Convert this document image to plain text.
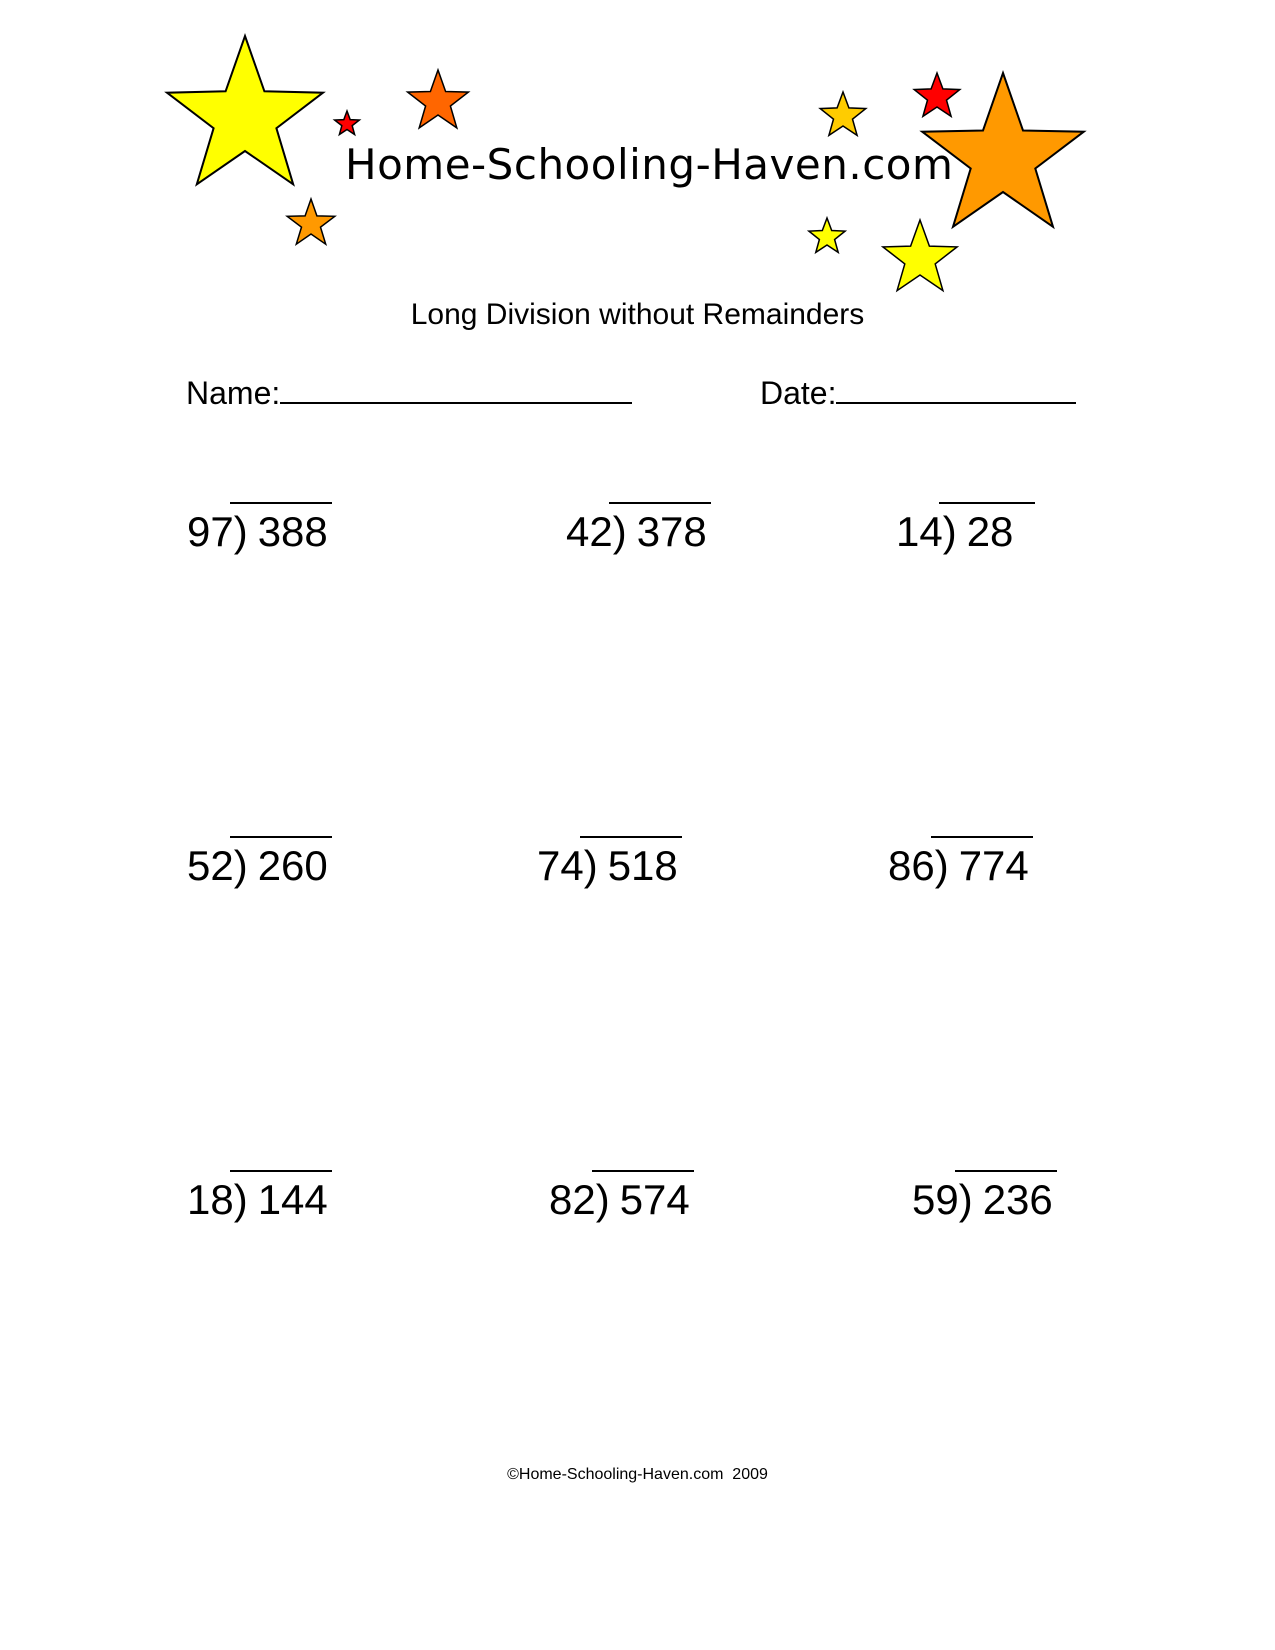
Home-Schooling-Haven.com
Long Division without Remainders
Name:	Date:
97) 388	42) 378	14) 28
52) 260	74) 518	86) 774
18) 144	82) 574	59) 236
©Home-Schooling-Haven.com  2009
